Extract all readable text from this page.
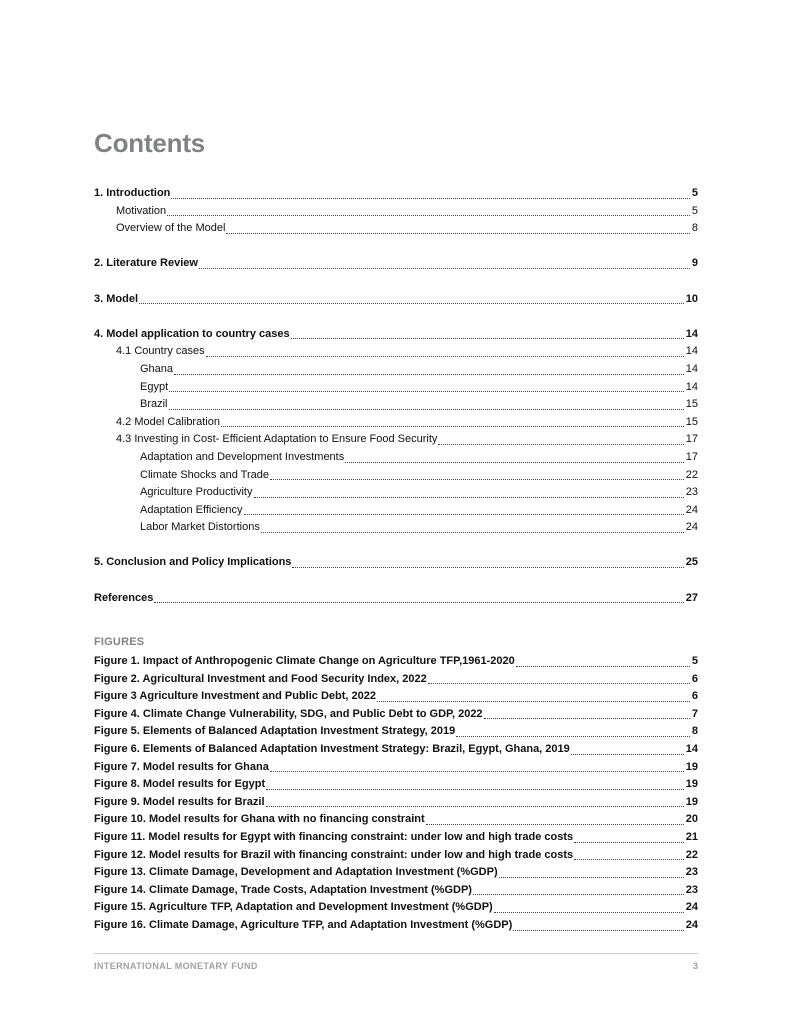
Contents
1. Introduction	5
Motivation	5
Overview of the Model	8
2. Literature Review	9
3. Model	10
4. Model application to country cases	14
4.1 Country cases	14
Ghana	14
Egypt	14
Brazil	15
4.2 Model Calibration	15
4.3 Investing in Cost- Efficient Adaptation to Ensure Food Security	17
Adaptation and Development Investments	17
Climate Shocks and Trade	22
Agriculture Productivity	23
Adaptation Efficiency	24
Labor Market Distortions	24
5. Conclusion and Policy Implications	25
References	27
FIGURES
Figure 1. Impact of Anthropogenic Climate Change on Agriculture TFP,1961-2020	5
Figure 2. Agricultural Investment and Food Security Index, 2022	6
Figure 3 Agriculture Investment and Public Debt, 2022	6
Figure 4. Climate Change Vulnerability, SDG, and Public Debt to GDP, 2022	7
Figure 5. Elements of Balanced Adaptation Investment Strategy, 2019	8
Figure 6. Elements of Balanced Adaptation Investment Strategy: Brazil, Egypt, Ghana, 2019	14
Figure 7. Model results for Ghana	19
Figure 8. Model results for Egypt	19
Figure 9. Model results for Brazil	19
Figure 10. Model results for Ghana with no financing constraint	20
Figure 11. Model results for Egypt with financing constraint: under low and high trade costs	21
Figure 12. Model results for Brazil with financing constraint: under low and high trade costs	22
Figure 13. Climate Damage, Development and Adaptation Investment (%GDP)	23
Figure 14. Climate Damage, Trade Costs, Adaptation Investment (%GDP)	23
Figure 15. Agriculture TFP, Adaptation and Development Investment (%GDP)	24
Figure 16. Climate Damage, Agriculture TFP, and Adaptation Investment (%GDP)	24
INTERNATIONAL MONETARY FUND	3
